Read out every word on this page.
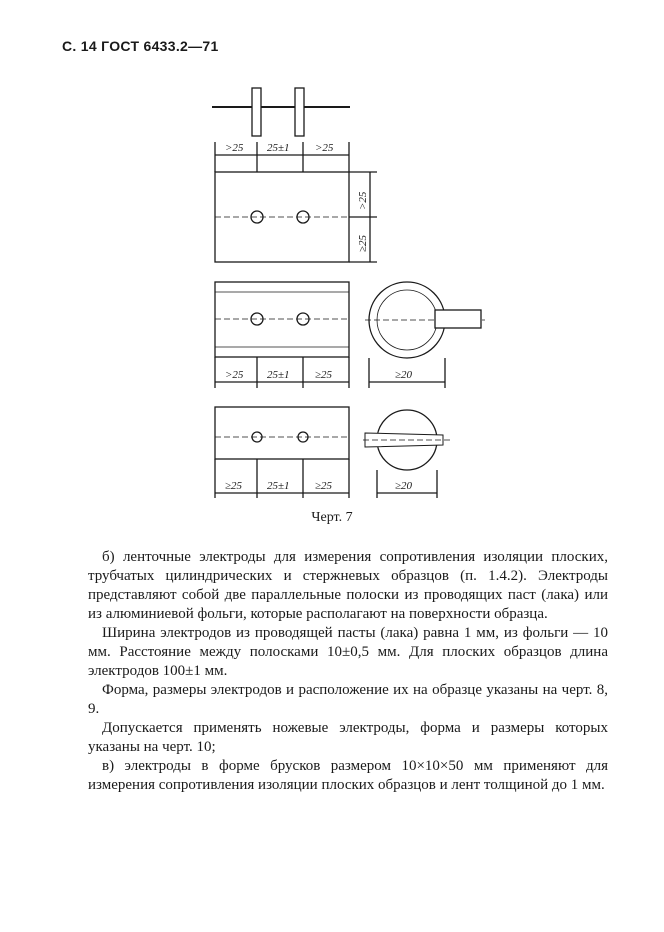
С. 14 ГОСТ 6433.2—71
>25 25±1 >25
>25
≥25
>25 25±1 ≥25	≥20
≥25 25±1 ≥25	≥20
Черт. 7

б) ленточные электроды для измерения сопротивления изоляции плоских, трубчатых цилиндрических и стержневых образцов (п. 1.4.2). Электроды представляют собой две параллельные полоски из проводящих паст (лака) или из алюминиевой фольги, которые располагают на поверхности образца.

Ширина электродов из проводящей пасты (лака) равна 1 мм, из фольги — 10 мм. Расстояние между полосками 10±0,5 мм. Для плоских образцов длина электродов 100±1 мм.

Форма, размеры электродов и расположение их на образце указаны на черт. 8, 9.

Допускается применять ножевые электроды, форма и размеры которых указаны на черт. 10;

в) электроды в форме брусков размером 10×10×50 мм применяют для измерения сопротивления изоляции плоских образцов и лент толщиной до 1 мм.
